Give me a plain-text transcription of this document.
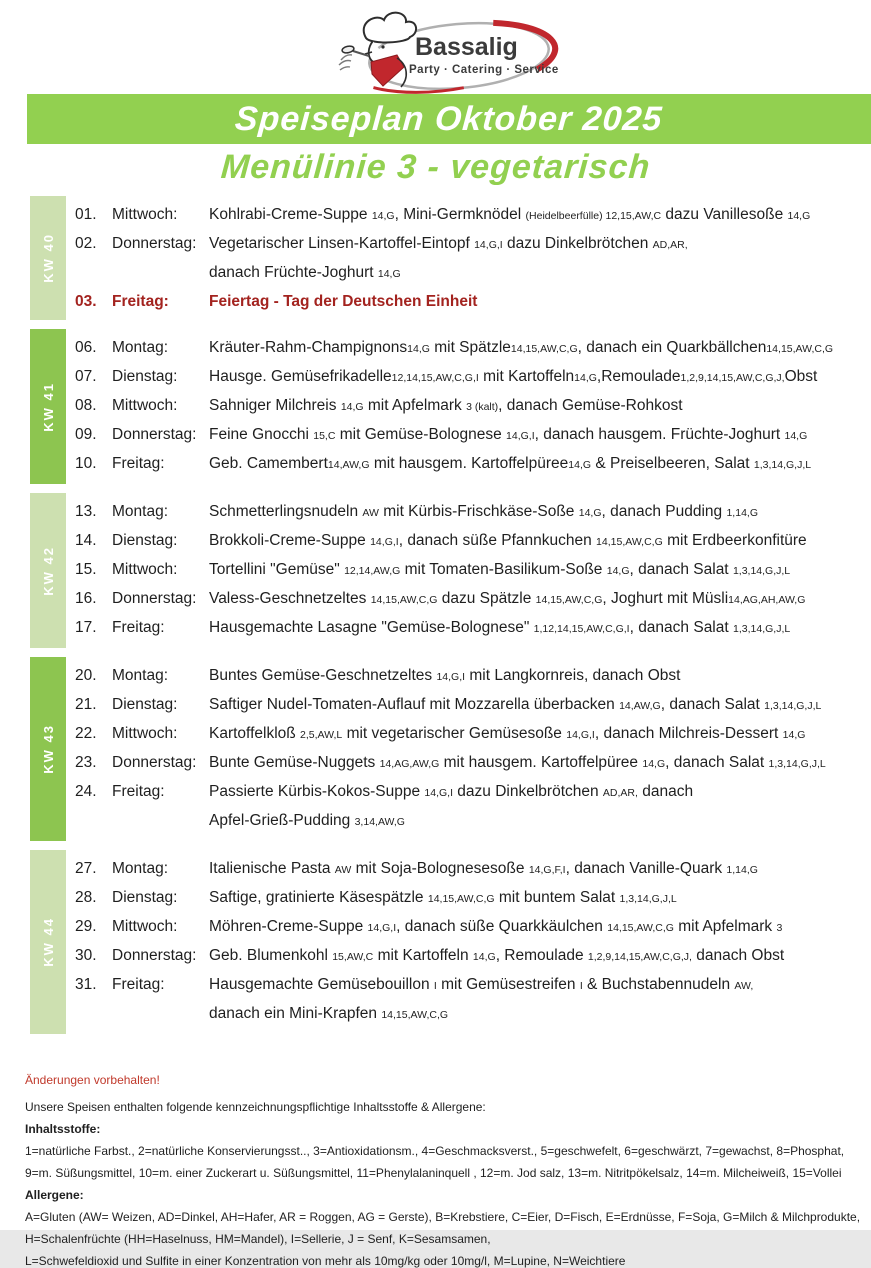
Bassalig
Party · Catering · Service
Speiseplan Oktober 2025
Menülinie 3 - vegetarisch
KW 40
01. Mittwoch:	Kohlrabi-Creme-Suppe 14,G, Mini-Germknödel (Heidelbeerfülle) 12,15,AW,C dazu Vanillesoße 14,G
02. Donnerstag: Vegetarischer Linsen-Kartoffel-Eintopf 14,G,I dazu Dinkelbrötchen AD,AR,
danach Früchte-Joghurt 14,G
03. Freitag:	Feiertag - Tag der Deutschen Einheit
KW 41
06. Montag:	Kräuter-Rahm-Champignons14,G mit Spätzle14,15,AW,C,G, danach ein Quarkbällchen14,15,AW,C,G
07. Dienstag:	Hausge. Gemüsefrikadelle12,14,15,AW,C,G,I mit Kartoffeln14,G,Remoulade1,2,9,14,15,AW,C,G,J,Obst
08. Mittwoch:	Sahniger Milchreis 14,G mit Apfelmark 3 (kalt), danach Gemüse-Rohkost
09. Donnerstag: Feine Gnocchi 15,C mit Gemüse-Bolognese 14,G,I, danach hausgem. Früchte-Joghurt 14,G
10. Freitag:	Geb. Camembert14,AW,G mit hausgem. Kartoffelpüree14,G & Preiselbeeren, Salat 1,3,14,G,J,L
KW 42
13. Montag:	Schmetterlingsnudeln AW mit Kürbis-Frischkäse-Soße 14,G, danach Pudding 1,14,G
14. Dienstag:	Brokkoli-Creme-Suppe 14,G,I, danach süße Pfannkuchen 14,15,AW,C,G mit Erdbeerkonfitüre
15. Mittwoch:	Tortellini "Gemüse" 12,14,AW,G mit Tomaten-Basilikum-Soße 14,G, danach Salat 1,3,14,G,J,L
16. Donnerstag: Valess-Geschnetzeltes 14,15,AW,C,G dazu Spätzle 14,15,AW,C,G, Joghurt mit Müsli14,AG,AH,AW,G
17. Freitag:	Hausgemachte Lasagne "Gemüse-Bolognese" 1,12,14,15,AW,C,G,I, danach Salat 1,3,14,G,J,L
KW 43
20. Montag:	Buntes Gemüse-Geschnetzeltes 14,G,I mit Langkornreis, danach Obst
21. Dienstag:	Saftiger Nudel-Tomaten-Auflauf mit Mozzarella überbacken 14,AW,G, danach Salat 1,3,14,G,J,L
22. Mittwoch:	Kartoffelkloß 2,5,AW,L mit vegetarischer Gemüsesoße 14,G,I, danach Milchreis-Dessert 14,G
23. Donnerstag: Bunte Gemüse-Nuggets 14,AG,AW,G mit hausgem. Kartoffelpüree 14,G, danach Salat 1,3,14,G,J,L
24. Freitag:	Passierte Kürbis-Kokos-Suppe 14,G,I dazu Dinkelbrötchen AD,AR, danach
Apfel-Grieß-Pudding 3,14,AW,G
KW 44
27. Montag:	Italienische Pasta AW mit Soja-Bolognesesoße 14,G,F,I, danach Vanille-Quark 1,14,G
28. Dienstag:	Saftige, gratinierte Käsespätzle 14,15,AW,C,G mit buntem Salat 1,3,14,G,J,L
29. Mittwoch:	Möhren-Creme-Suppe 14,G,I, danach süße Quarkkäulchen 14,15,AW,C,G mit Apfelmark 3
30. Donnerstag: Geb. Blumenkohl 15,AW,C mit Kartoffeln 14,G, Remoulade 1,2,9,14,15,AW,C,G,J, danach Obst
31. Freitag:	Hausgemachte Gemüsebouillon I mit Gemüsestreifen I & Buchstabennudeln AW,
danach ein Mini-Krapfen 14,15,AW,C,G

Änderungen vorbehalten!

Unsere Speisen enthalten folgende kennzeichnungspflichtige Inhaltsstoffe & Allergene:

Inhaltsstoffe:

1=natürliche Farbst., 2=natürliche Konservierungsst.., 3=Antioxidationsm., 4=Geschmacksverst., 5=geschwefelt, 6=geschwärzt, 7=gewachst, 8=Phosphat,

9=m. Süßungsmittel, 10=m. einer Zuckerart u. Süßungsmittel, 11=Phenylalaninquell , 12=m. Jod salz, 13=m. Nitritpökelsalz, 14=m. Milcheiweiß, 15=Vollei

Allergene:

A=Gluten (AW= Weizen, AD=Dinkel, AH=Hafer, AR = Roggen, AG = Gerste), B=Krebstiere, C=Eier, D=Fisch, E=Erdnüsse, F=Soja, G=Milch & Milchprodukte,

H=Schalenfrüchte (HH=Haselnuss, HM=Mandel), I=Sellerie, J = Senf, K=Sesamsamen,

L=Schwefeldioxid und Sulfite in einer Konzentration von mehr als 10mg/kg oder 10mg/l, M=Lupine, N=Weichtiere
